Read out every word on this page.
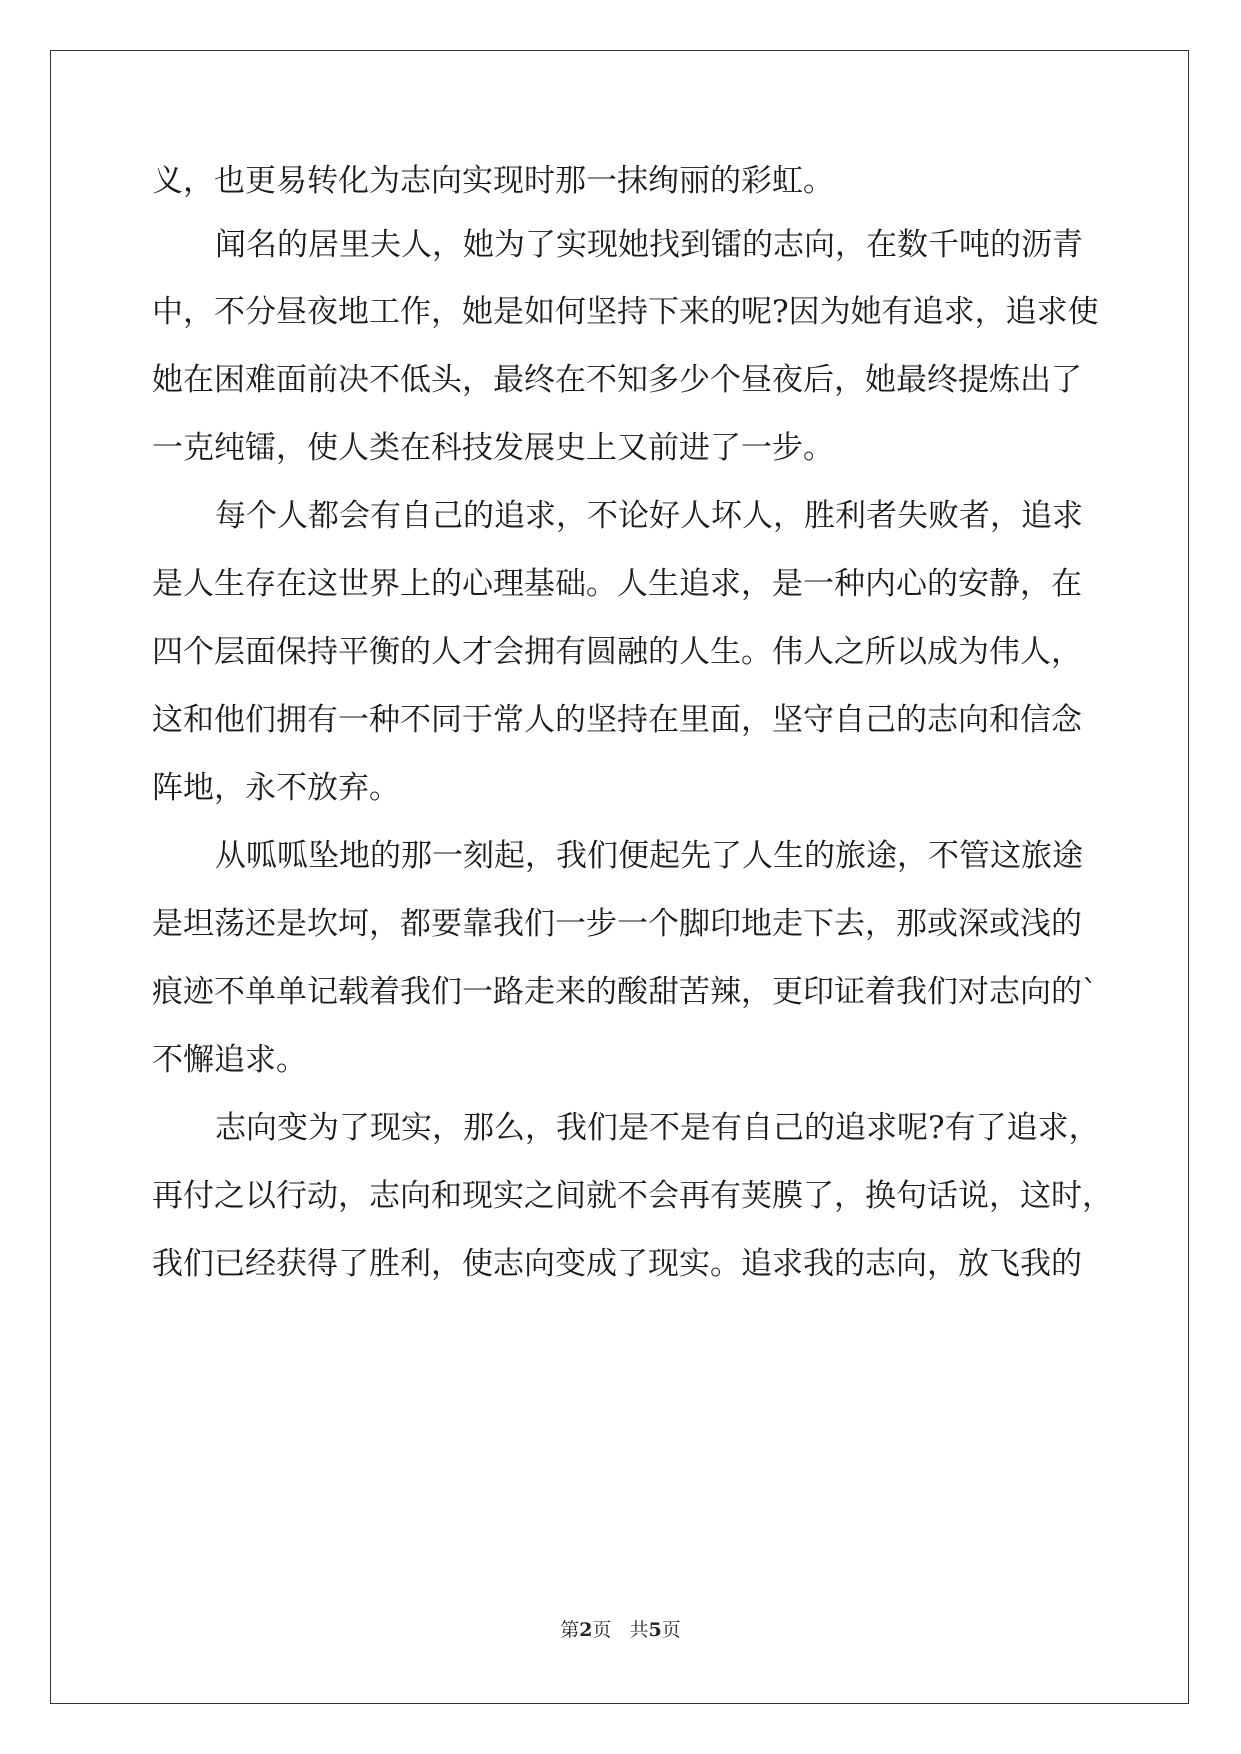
义，也更易转化为志向实现时那一抹绚丽的彩虹。
闻名的居里夫人，她为了实现她找到镭的志向，在数千吨的沥青
中，不分昼夜地工作，她是如何坚持下来的呢?因为她有追求，追求使
她在困难面前决不低头，最终在不知多少个昼夜后，她最终提炼出了
一克纯镭，使人类在科技发展史上又前进了一步。
每个人都会有自己的追求，不论好人坏人，胜利者失败者，追求
是人生存在这世界上的心理基础。人生追求，是一种内心的安静，在
四个层面保持平衡的人才会拥有圆融的人生。伟人之所以成为伟人，
这和他们拥有一种不同于常人的坚持在里面，坚守自己的志向和信念
阵地，永不放弃。
从呱呱坠地的那一刻起，我们便起先了人生的旅途，不管这旅途
是坦荡还是坎坷，都要靠我们一步一个脚印地走下去，那或深或浅的
痕迹不单单记载着我们一路走来的酸甜苦辣，更印证着我们对志向的`
不懈追求。
志向变为了现实，那么，我们是不是有自己的追求呢?有了追求，
再付之以行动，志向和现实之间就不会再有荚膜了，换句话说，这时，
我们已经获得了胜利，使志向变成了现实。追求我的志向，放飞我的
第2页 共5页
